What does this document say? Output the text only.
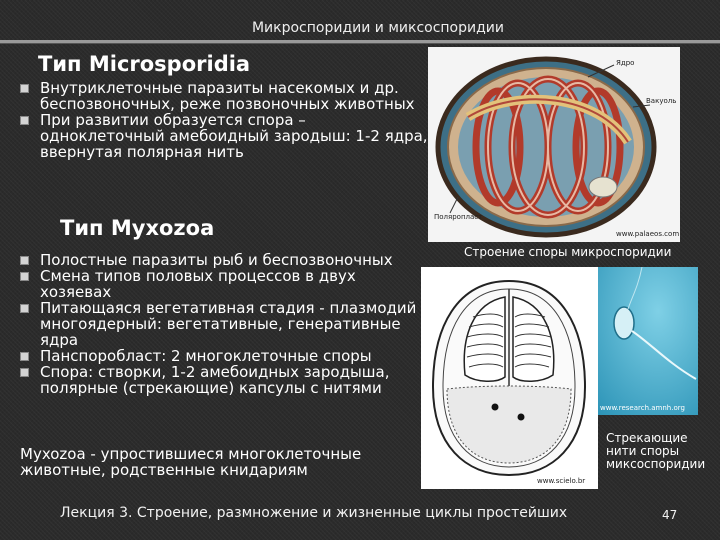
Микроспоридии и миксоспоридии
Тип Microsporidia
Внутриклеточные паразиты насекомых и др. беспозвоночных, реже позвоночных животных
При развитии образуется спора – одноклеточный амебоидный зародыш: 1-2 ядра, ввернутая полярная нить
Ядро
Вакуоль
Поляропласт
www.palaeos.com
Строение споры микроспоридии
Тип Myxozoa
Полостные паразиты рыб и беспозвоночных
Смена типов половых процессов в двух хозяевах
Питающаяся вегетативная стадия - плазмодий многоядерный: вегетативные, генеративные ядра
Панспоробласт: 2 многоклеточные споры
Спора: створки, 1-2 амебоидных зародыша, полярные (стрекающие) капсулы с нитями
Myxozoa - упростившиеся многоклеточные животные, родственные книдариям
www.scielo.br
www.research.amnh.org
Стрекающие нити споры миксоспоридии
Лекция 3. Строение, размножение и жизненные циклы простейших	47
